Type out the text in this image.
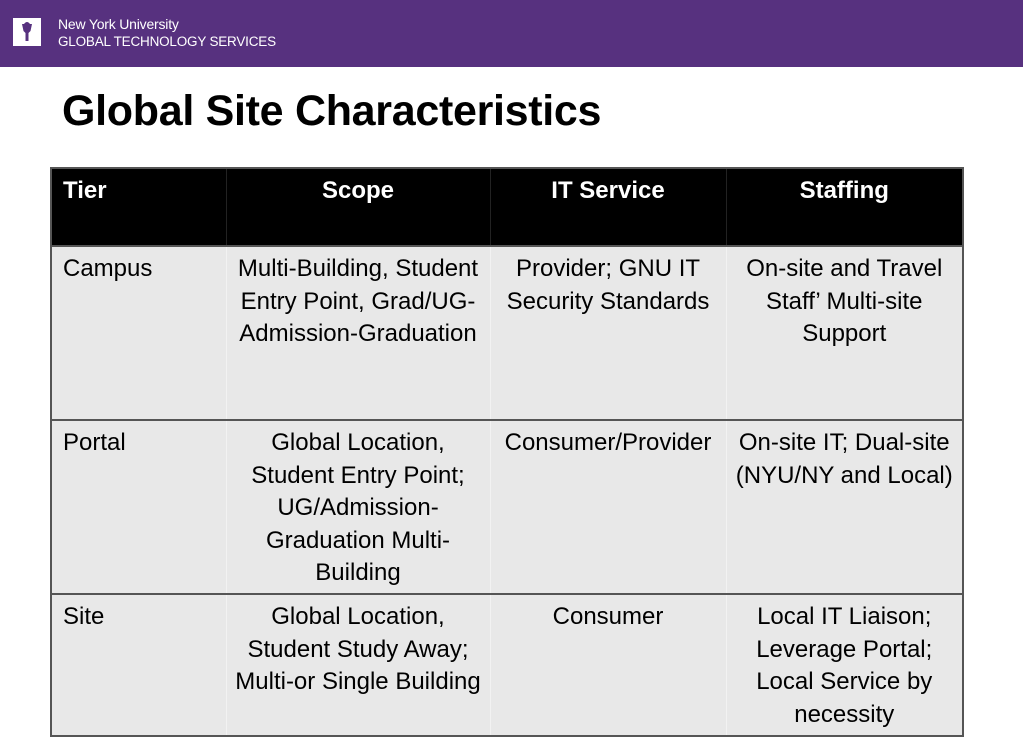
New York University
GLOBAL TECHNOLOGY SERVICES
Global Site Characteristics
Tier	Scope	IT Service	Staffing
Campus	Multi-Building, Student Entry Point, Grad/UG-Admission-Graduation	Provider; GNU IT Security Standards	On-site and Travel Staff’ Multi-site Support
Portal	Global Location, Student Entry Point; UG/Admission-Graduation Multi-Building	Consumer/Provider	On-site IT; Dual-site (NYU/NY and Local)
Site	Global Location, Student Study Away; Multi-or Single Building	Consumer	Local IT Liaison; Leverage Portal; Local Service by necessity
